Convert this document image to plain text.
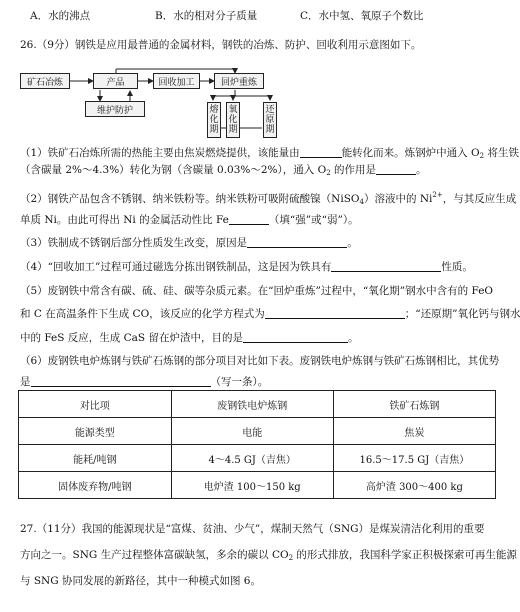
A．水的沸点	B．水的相对分子质量	C．水中氢、氧原子个数比
26.（9分）钢铁是应用最普通的金属材料，钢铁的冶炼、防护、回收利用示意图如下。
矿石冶炼	产品	回收加工	回炉重炼
维护防护	熔化期
氧化期
还原期
（1）铁矿石冶炼所需的热能主要由焦炭燃烧提供，该能量由	能转化而来。炼钢炉中通入 $O_2$ 将生铁
（含碳量 2%～4.3%）转化为钢（含碳量 0.03%～2%），通入 $O_2$ 的作用是	。
（2）钢铁产品包含不锈钢、纳米铁粉等。纳米铁粉可吸附硫酸镍（NiSO$_4$）溶液中的 $Ni^{2+}$，与其反应生成
单质 Ni。由此可得出 Ni 的金属活动性比 Fe	（填“强”或“弱”）。
（3）铁制成不锈钢后部分性质发生改变，原因是	。
（4）“回收加工”过程可通过磁选分拣出钢铁制品，这是因为铁具有	性质。
（5）废钢铁中常含有碳、硫、硅、碳等杂质元素。在“回炉重炼”过程中，“氧化期”钢水中含有的 FeO
和 C 在高温条件下生成 CO，该反应的化学方程式为	；“还原期”氧化钙与钢水
中的 FeS 反应，生成 CaS 留在炉渣中，目的是	。
（6）废钢铁电炉炼钢与铁矿石炼钢的部分项目对比如下表。废钢铁电炉炼钢与铁矿石炼钢相比，其优势
是	（写一条）。
对比项	废钢铁电炉炼钢	铁矿石炼钢
能源类型	电能	焦炭
能耗/吨钢	4～4.5 GJ（吉焦）	16.5～17.5 GJ（吉焦）
固体废弃物/吨钢	电炉渣 100～150 kg	高炉渣 300～400 kg
27.（11分）我国的能源现状是“富煤、贫油、少气”，煤制天然气（SNG）是煤炭清洁化利用的重要
方向之一。SNG 生产过程整体富碳缺氢，多余的碳以 $CO_2$ 的形式排放，我国科学家正积极探索可再生能源
与 SNG 协同发展的新路径，其中一种模式如图 6。
